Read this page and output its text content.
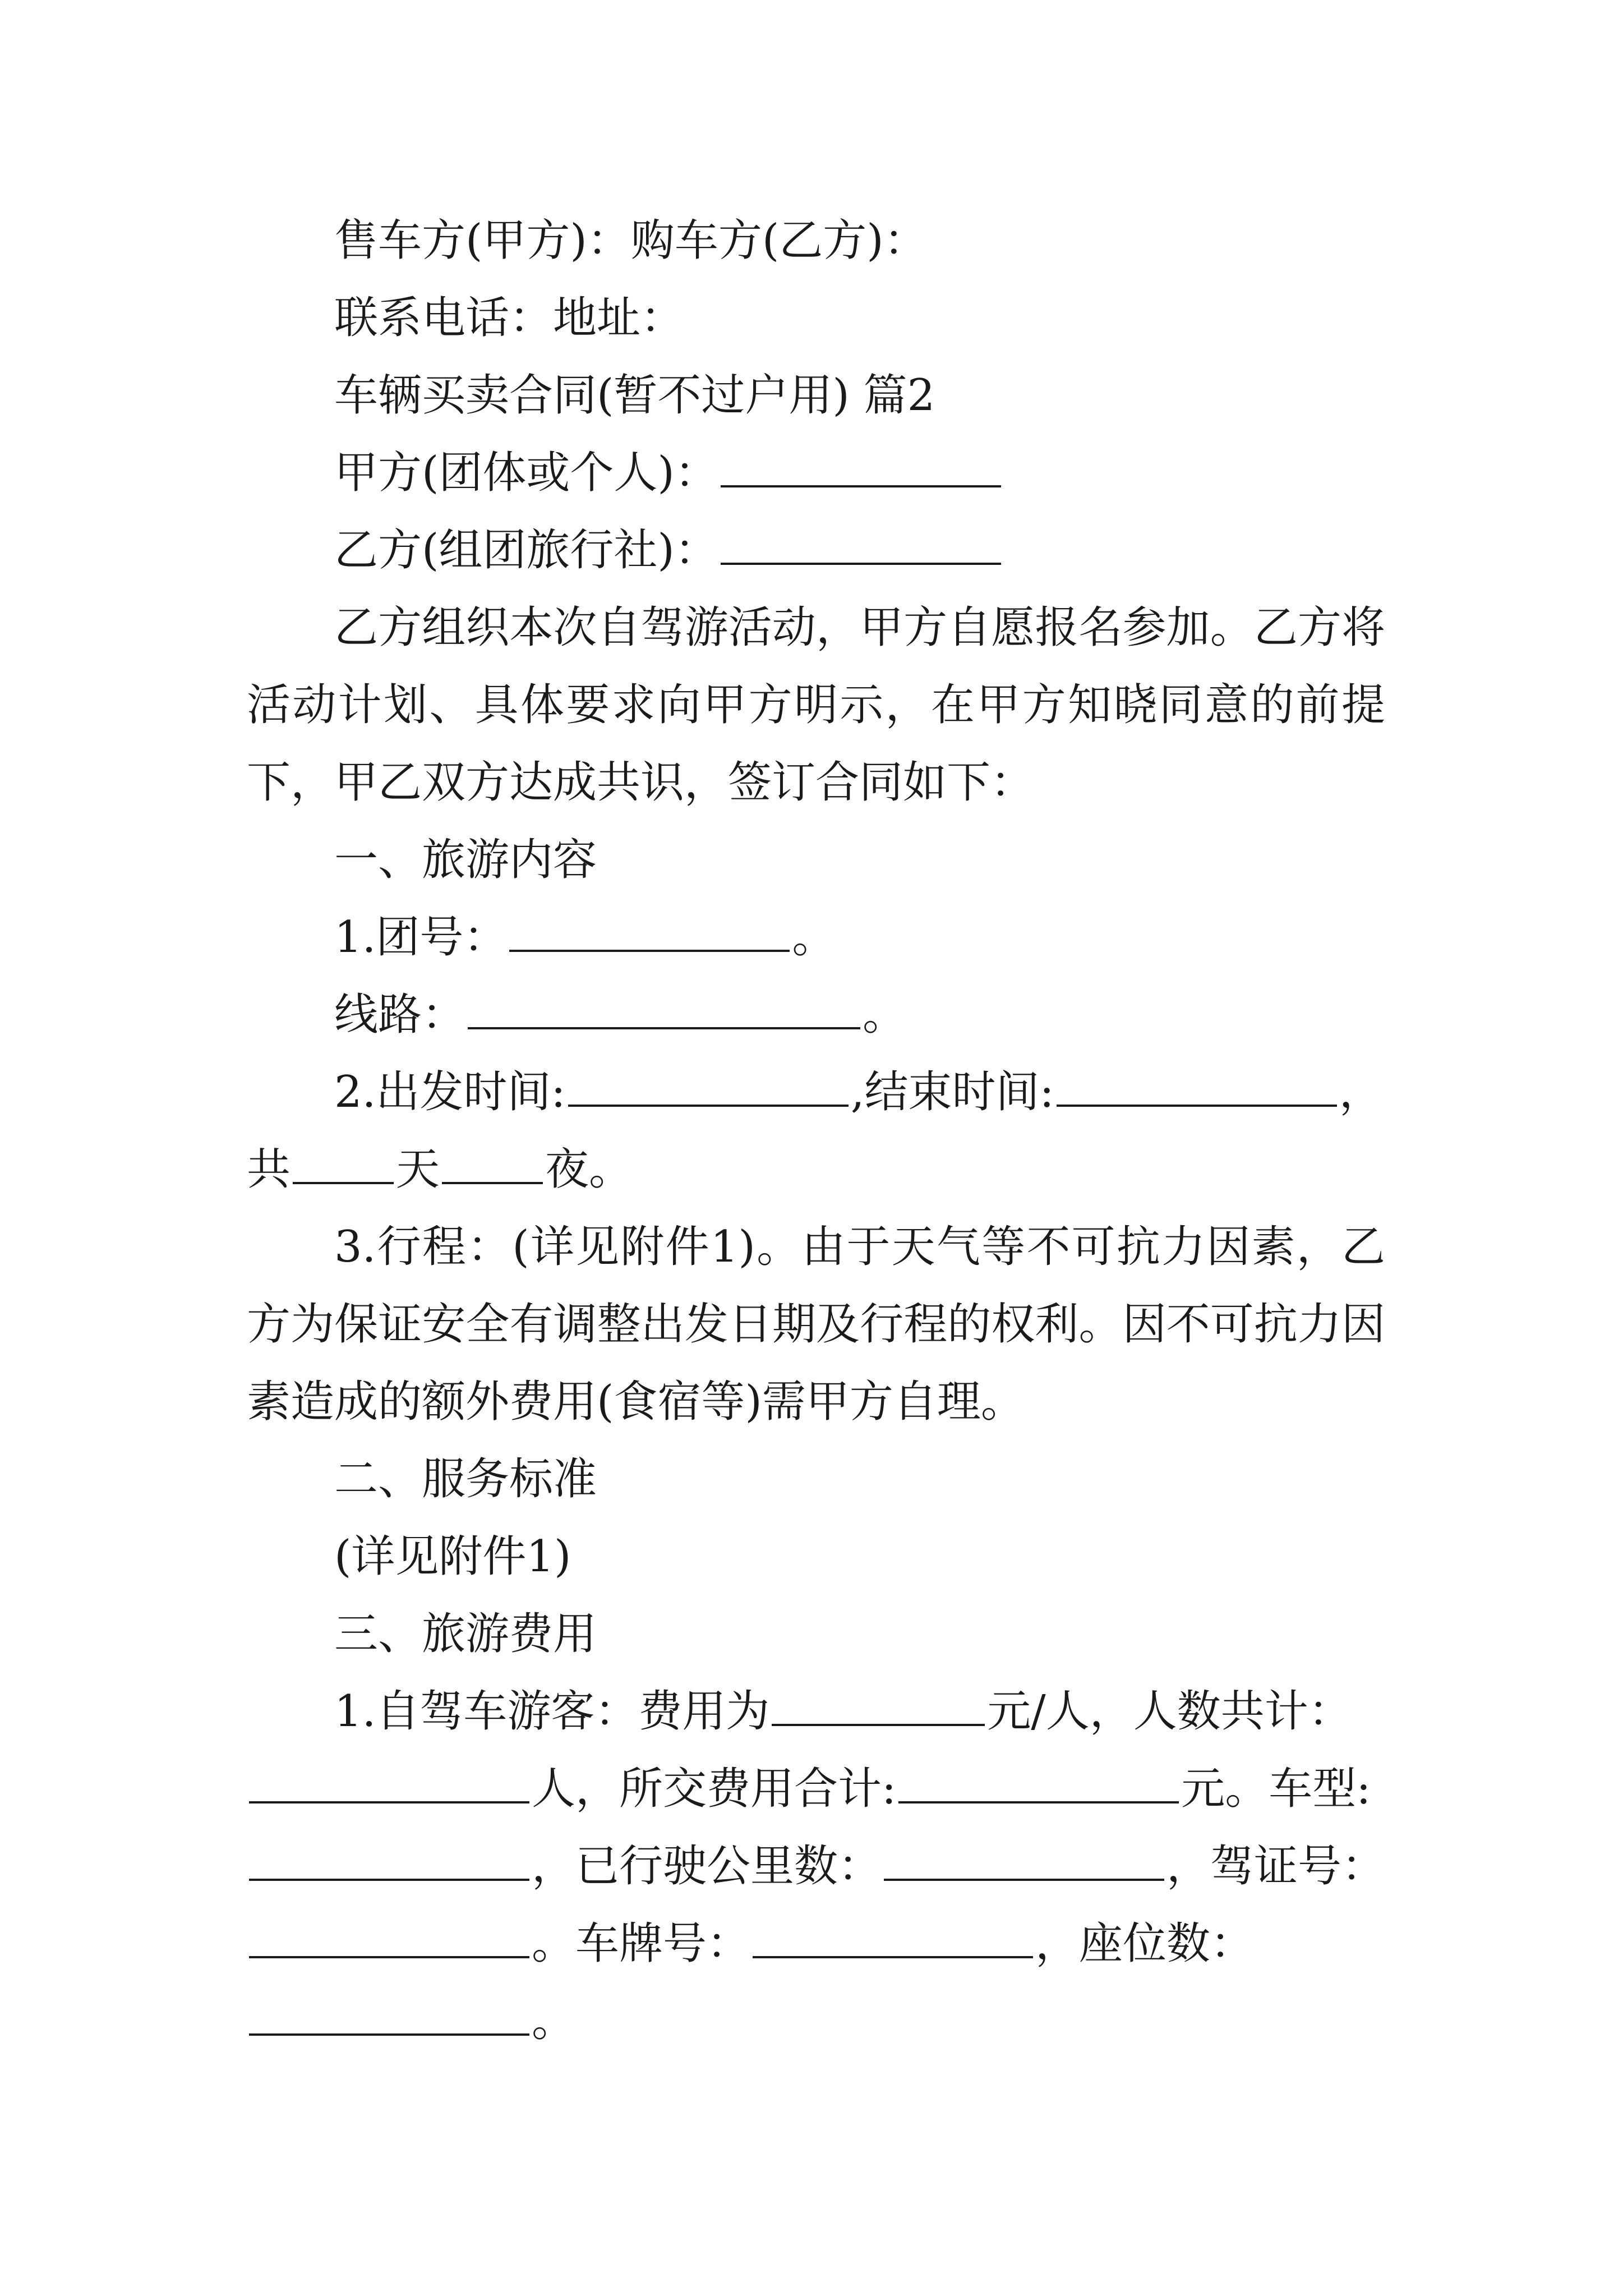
售车方(甲方)：购车方(乙方)：
联系电话：地址：
车辆买卖合同(暂不过户用) 篇2
甲方(团体或个人)：
乙方(组团旅行社)：
乙方组织本次自驾游活动，甲方自愿报名参加。乙方将活动计划、具体要求向甲方明示，在甲方知晓同意的前提下，甲乙双方达成共识，签订合同如下：
一、旅游内容
1.团号：	。
线路：	。
2.出发时间:	,结束时间:	，
共 天 夜。
3.行程：(详见附件1)。由于天气等不可抗力因素，乙方为保证安全有调整出发日期及行程的权利。因不可抗力因素造成的额外费用(食宿等)需甲方自理。
二、服务标准
(详见附件1)
三、旅游费用
1.自驾车游客：费用为	元/人，人数共计：
人，所交费用合计:	元。车型:
，已行驶公里数：	，驾证号：
。车牌号：	，座位数：
。
